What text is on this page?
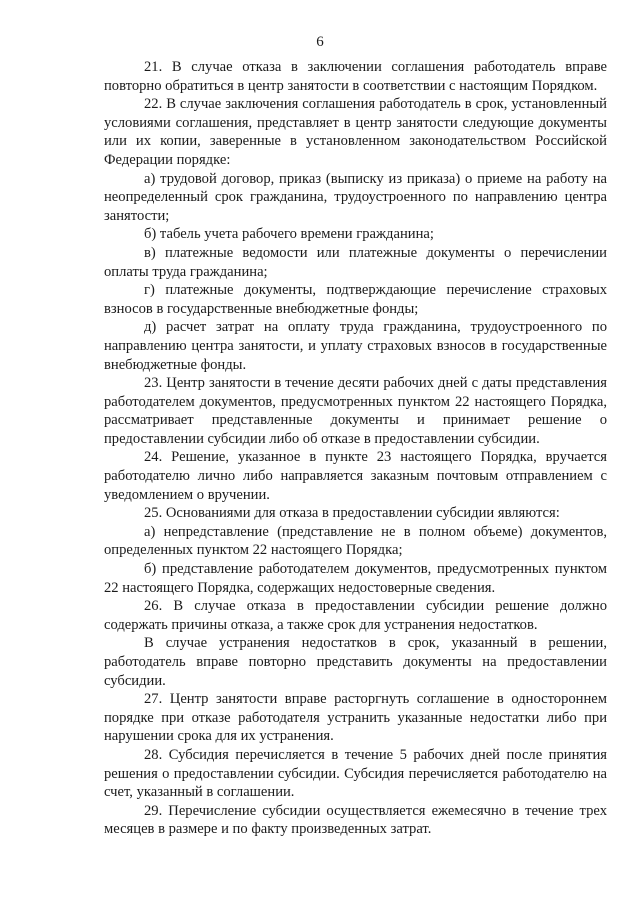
6

21. В случае отказа в заключении соглашения работодатель вправе повторно обратиться в центр занятости в соответствии с настоящим Порядком.

22. В случае заключения соглашения работодатель в срок, установленный условиями соглашения, представляет в центр занятости следующие документы или их копии, заверенные в установленном законодательством Российской Федерации порядке:

а) трудовой договор, приказ (выписку из приказа) о приеме на работу на неопределенный срок гражданина, трудоустроенного по направлению центра занятости;

б) табель учета рабочего времени гражданина;

в) платежные ведомости или платежные документы о перечислении оплаты труда гражданина;

г) платежные документы, подтверждающие перечисление страховых взносов в государственные внебюджетные фонды;

д) расчет затрат на оплату труда гражданина, трудоустроенного по направлению центра занятости, и уплату страховых взносов в государственные внебюджетные фонды.

23. Центр занятости в течение десяти рабочих дней с даты представления работодателем документов, предусмотренных пунктом 22 настоящего Порядка, рассматривает представленные документы и принимает решение о предоставлении субсидии либо об отказе в предоставлении субсидии.

24. Решение, указанное в пункте 23 настоящего Порядка, вручается работодателю лично либо направляется заказным почтовым отправлением с уведомлением о вручении.

25. Основаниями для отказа в предоставлении субсидии являются:

а) непредставление (представление не в полном объеме) документов, определенных пунктом 22 настоящего Порядка;

б) представление работодателем документов, предусмотренных пунктом 22 настоящего Порядка, содержащих недостоверные сведения.

26. В случае отказа в предоставлении субсидии решение должно содержать причины отказа, а также срок для устранения недостатков.

В случае устранения недостатков в срок, указанный в решении, работодатель вправе повторно представить документы на предоставлении субсидии.

27. Центр занятости вправе расторгнуть соглашение в одностороннем порядке при отказе работодателя устранить указанные недостатки либо при нарушении срока для их устранения.

28. Субсидия перечисляется в течение 5 рабочих дней после принятия решения о предоставлении субсидии. Субсидия перечисляется работодателю на счет, указанный в соглашении.

29. Перечисление субсидии осуществляется ежемесячно в течение трех месяцев в размере и по факту произведенных затрат.
